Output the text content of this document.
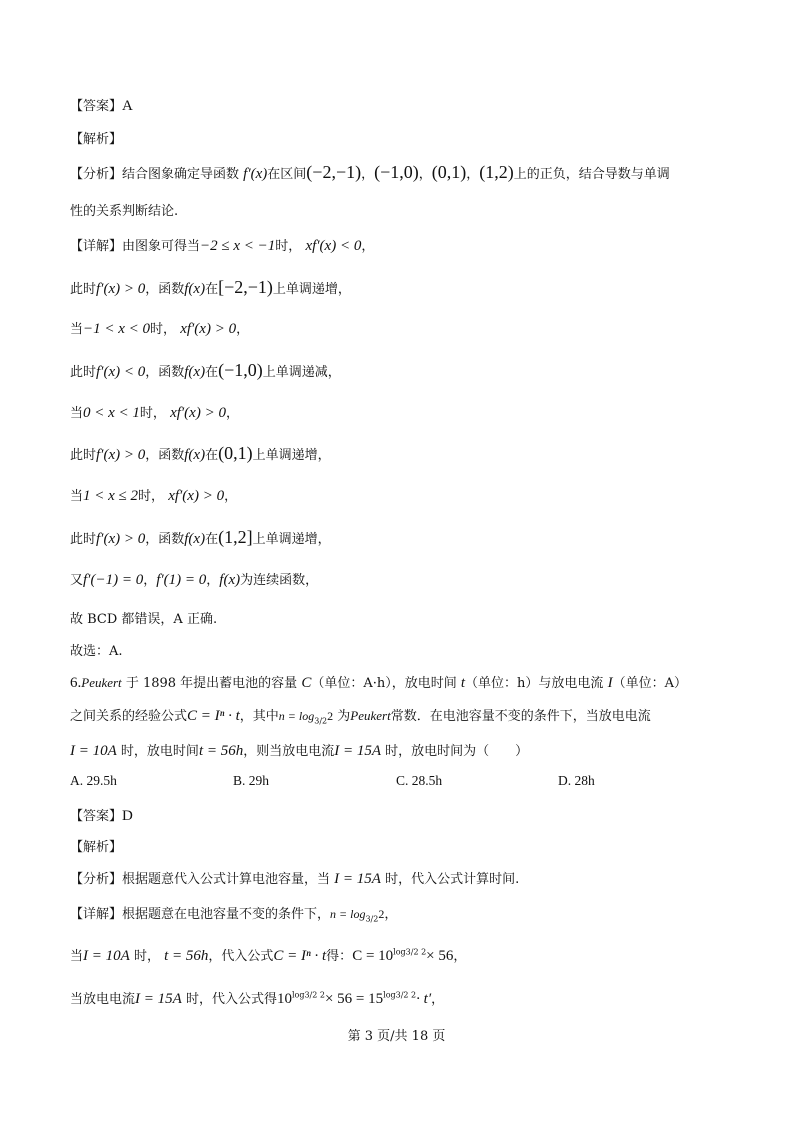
【答案】A
【解析】
【分析】结合图象确定导函数 f′(x)在区间(−2,−1)，(−1,0)，(0,1)，(1,2)上的正负，结合导数与单调
性的关系判断结论.
【详解】由图象可得当−2 ≤ x < −1时， xf′(x) < 0，
此时f′(x) > 0，函数f(x)在[−2,−1)上单调递增，
当−1 < x < 0时， xf′(x) > 0，
此时f′(x) < 0，函数f(x)在(−1,0)上单调递减，
当0 < x < 1时， xf′(x) > 0，
此时f′(x) > 0，函数f(x)在(0,1)上单调递增，
当1 < x ≤ 2时， xf′(x) > 0，
此时f′(x) > 0，函数f(x)在(1,2]上单调递增，
又f′(−1) = 0，f′(1) = 0，f(x)为连续函数，
故 BCD 都错误，A 正确.
故选：A.
6.Peukert 于 1898 年提出蓄电池的容量 C（单位：A·h），放电时间 t（单位：h）与放电电流 I（单位：A）
之间关系的经验公式C = Iⁿ · t，其中$n = \log_{3/2}2$ 为Peukert常数．在电池容量不变的条件下，当放电电流
I = 10A 时，放电时间t = 56h，则当放电电流I = 15A 时，放电时间为（　　）
A. 29.5h	B. 29h	C. 28.5h	D. 28h
【答案】D
【解析】
【分析】根据题意代入公式计算电池容量，当 I = 15A 时，代入公式计算时间.
【详解】根据题意在电池容量不变的条件下，$n = \log_{3/2}2$，
当I = 10A 时， t = 56h，代入公式C = Iⁿ · t得：$C = 10^{log3/2 2}\times 56$，
当放电电流I = 15A 时，代入公式得$10^{log3/2 2}\times 56 = 15^{log3/2 2}\cdot t'$，
第 3 页/共 18 页
